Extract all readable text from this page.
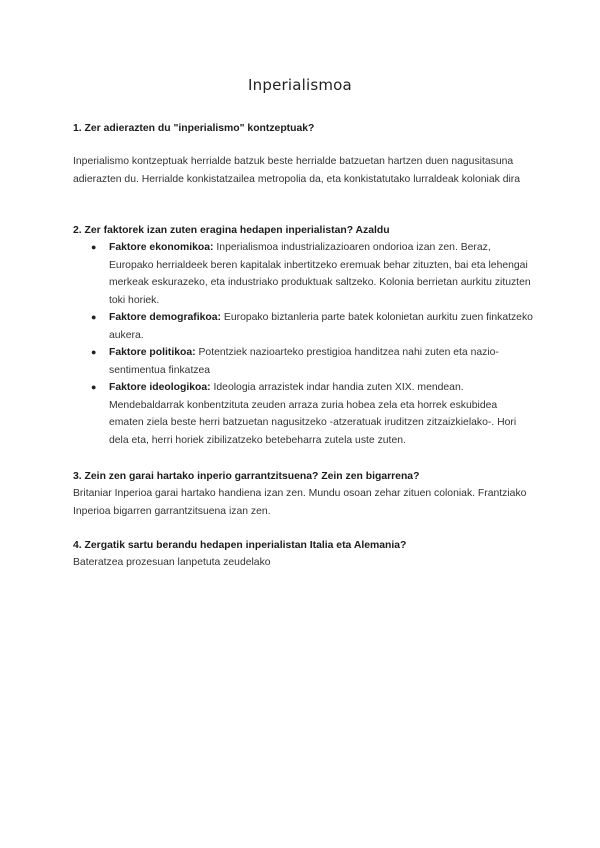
Inperialismoa

1. Zer adierazten du "inperialismo" kontzeptuak?

Inperialismo kontzeptuak herrialde batzuk beste herrialde batzuetan hartzen duen nagusitasuna adierazten du. Herrialde konkistatzailea metropolia da, eta konkistatutako lurraldeak koloniak dira

2. Zer faktorek izan zuten eragina hedapen inperialistan? Azaldu

● Faktore ekonomikoa: Inperialismoa industrializazioaren ondorioa izan zen. Beraz, Europako herrialdeek beren kapitalak inbertitzeko eremuak behar zituzten, bai eta lehengai merkeak eskurazeko, eta industriako produktuak saltzeko. Kolonia berrietan aurkitu zituzten toki horiek.
● Faktore demografikoa: Europako biztanleria parte batek kolonietan aurkitu zuen finkatzeko aukera.
● Faktore politikoa: Potentziek nazioarteko prestigioa handitzea nahi zuten eta nazio-sentimentua finkatzea
● Faktore ideologikoa: Ideologia arrazistek indar handia zuten XIX. mendean. Mendebaldarrak konbentzituta zeuden arraza zuria hobea zela eta horrek eskubidea ematen ziela beste herri batzuetan nagusitzeko -atzeratuak iruditzen zitzaizkielako-. Hori dela eta, herri horiek zibilizatzeko betebeharra zutela uste zuten.

3. Zein zen garai hartako inperio garrantzitsuena? Zein zen bigarrena?

Britaniar Inperioa garai hartako handiena izan zen. Mundu osoan zehar zituen coloniak. Frantziako Inperioa bigarren garrantzitsuena izan zen.

4. Zergatik sartu berandu hedapen inperialistan Italia eta Alemania?

Bateratzea prozesuan lanpetuta zeudelako
